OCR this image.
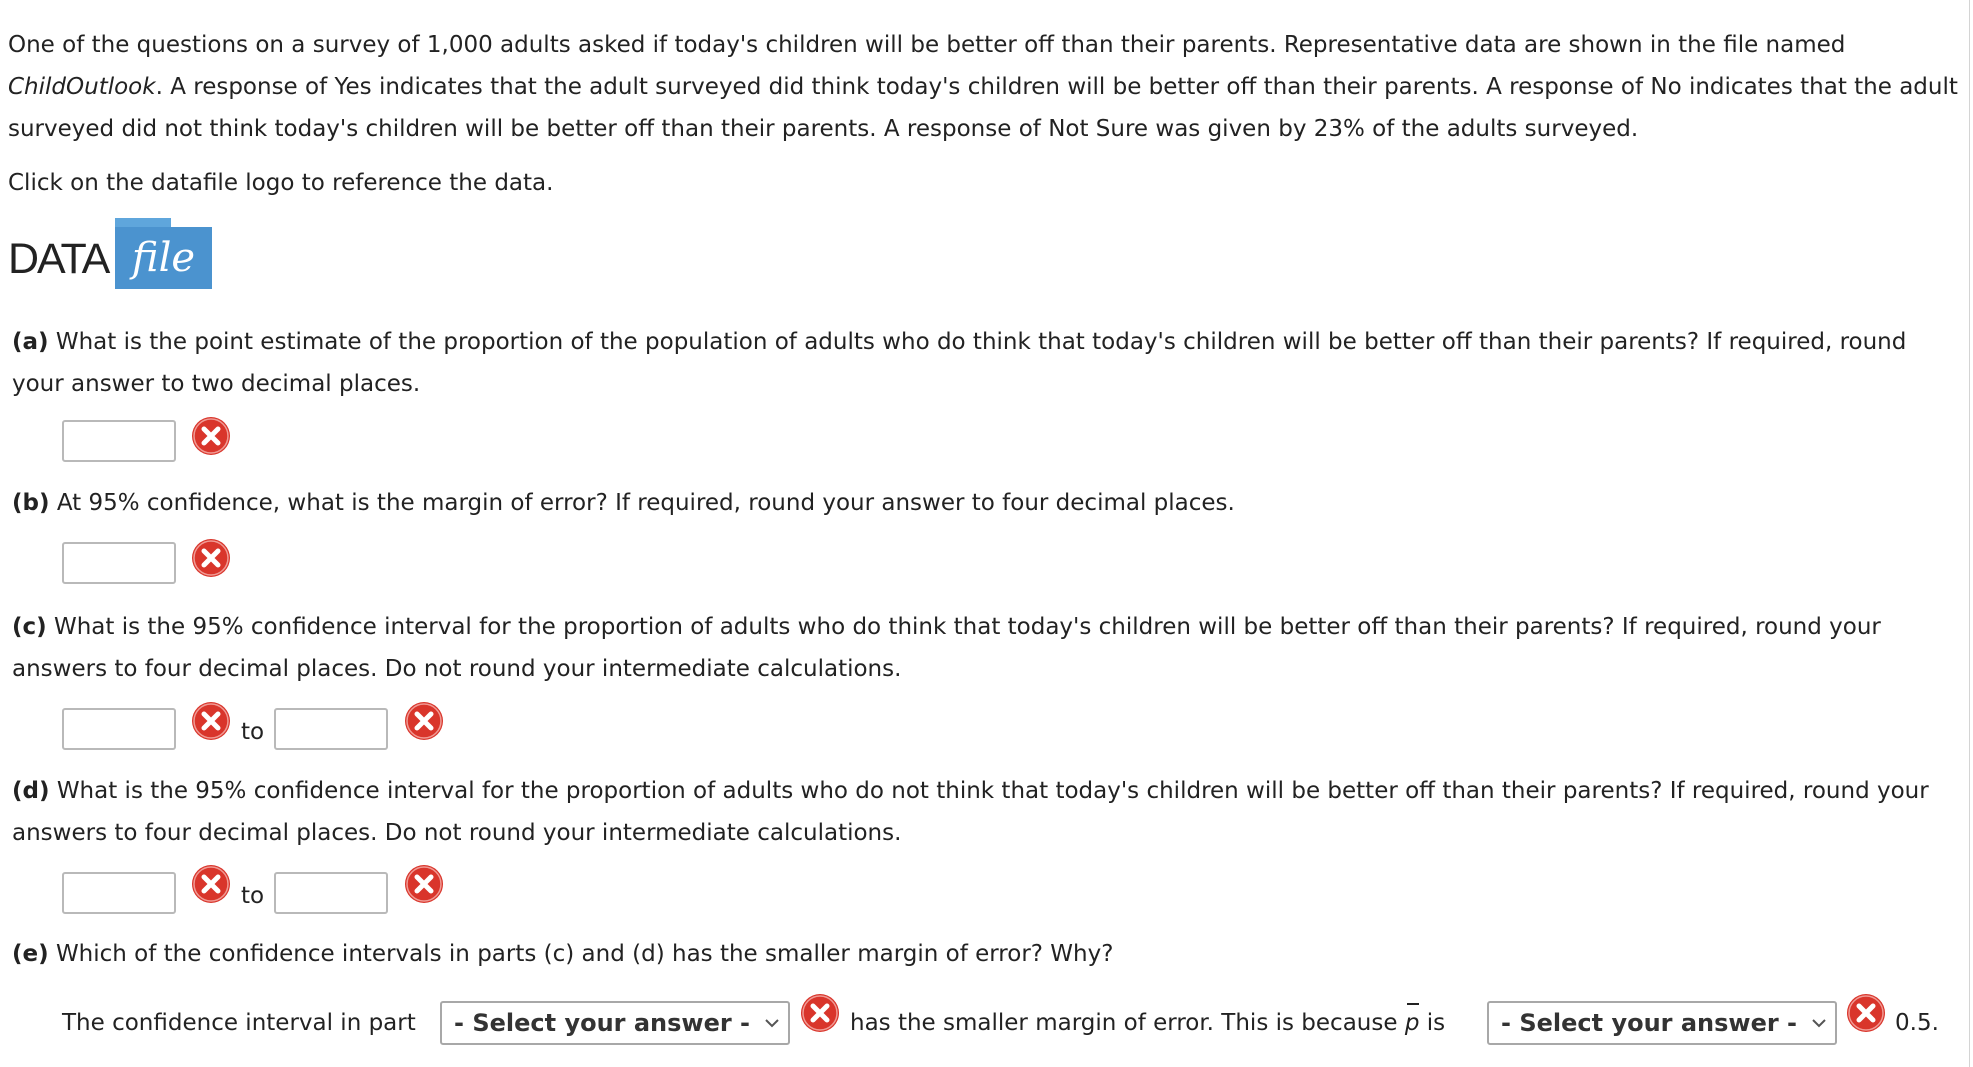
One of the questions on a survey of 1,000 adults asked if today's children will be better off than their parents. Representative data are shown in the file named ChildOutlook. A response of Yes indicates that the adult surveyed did think today's children will be better off than their parents. A response of No indicates that the adult surveyed did not think today's children will be better off than their parents. A response of Not Sure was given by 23% of the adults surveyed.
Click on the datafile logo to reference the data.
DATA file
(a) What is the point estimate of the proportion of the population of adults who do think that today's children will be better off than their parents? If required, round your answer to two decimal places.
(b) At 95% confidence, what is the margin of error? If required, round your answer to four decimal places.
(c) What is the 95% confidence interval for the proportion of adults who do think that today's children will be better off than their parents? If required, round your answers to four decimal places. Do not round your intermediate calculations.
to
(d) What is the 95% confidence interval for the proportion of adults who do not think that today's children will be better off than their parents? If required, round your answers to four decimal places. Do not round your intermediate calculations.
to
(e) Which of the confidence intervals in parts (c) and (d) has the smaller margin of error? Why?
The confidence interval in part	- Select your answer -	has the smaller margin of error. This is because p is	- Select your answer -	0.5.
